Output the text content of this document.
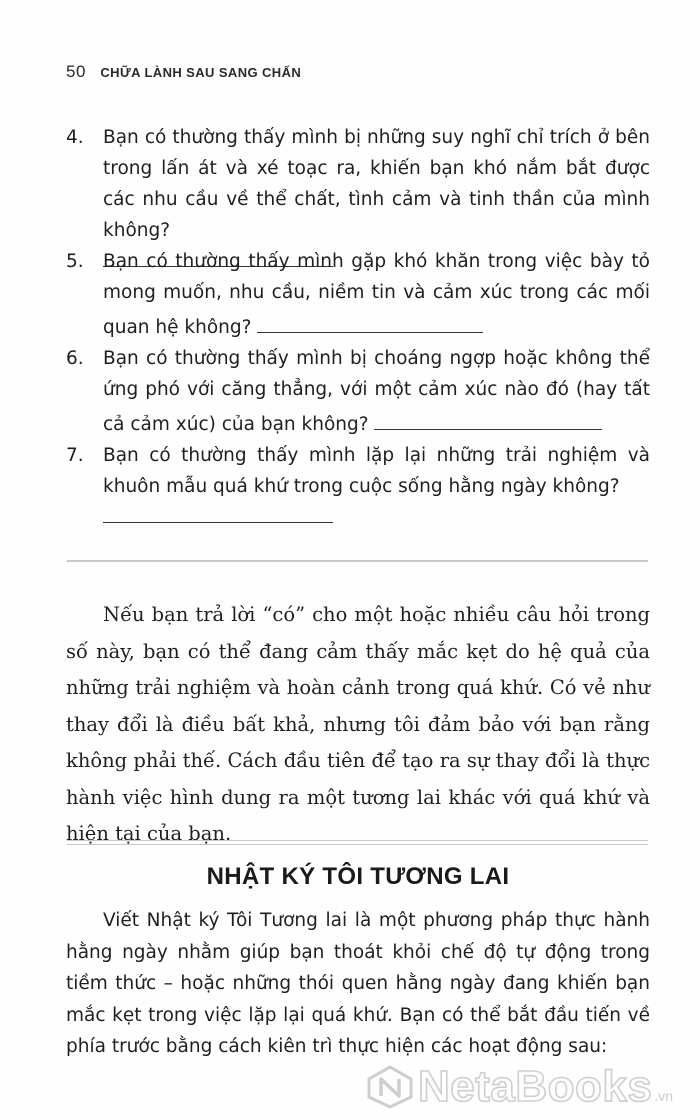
50 CHỮA LÀNH SAU SANG CHẤN
4. Bạn có thường thấy mình bị những suy nghĩ chỉ trích ở bên trong lấn át và xé toạc ra, khiến bạn khó nắm bắt được các nhu cầu về thể chất, tình cảm và tinh thần của mình không?
5. Bạn có thường thấy mình gặp khó khăn trong việc bày tỏ mong muốn, nhu cầu, niềm tin và cảm xúc trong các mối quan hệ không?
6. Bạn có thường thấy mình bị choáng ngợp hoặc không thể ứng phó với căng thẳng, với một cảm xúc nào đó (hay tất cả cảm xúc) của bạn không?
7. Bạn có thường thấy mình lặp lại những trải nghiệm và khuôn mẫu quá khứ trong cuộc sống hằng ngày không?

Nếu bạn trả lời “có” cho một hoặc nhiều câu hỏi trong số này, bạn có thể đang cảm thấy mắc kẹt do hệ quả của những trải nghiệm và hoàn cảnh trong quá khứ. Có vẻ như thay đổi là điều bất khả, nhưng tôi đảm bảo với bạn rằng không phải thế. Cách đầu tiên để tạo ra sự thay đổi là thực hành việc hình dung ra một tương lai khác với quá khứ và hiện tại của bạn.

NHẬT KÝ TÔI TƯƠNG LAI

Viết Nhật ký Tôi Tương lai là một phương pháp thực hành hằng ngày nhằm giúp bạn thoát khỏi chế độ tự động trong tiềm thức – hoặc những thói quen hằng ngày đang khiến bạn mắc kẹt trong việc lặp lại quá khứ. Bạn có thể bắt đầu tiến về phía trước bằng cách kiên trì thực hiện các hoạt động sau:

NetaBooks .vn
